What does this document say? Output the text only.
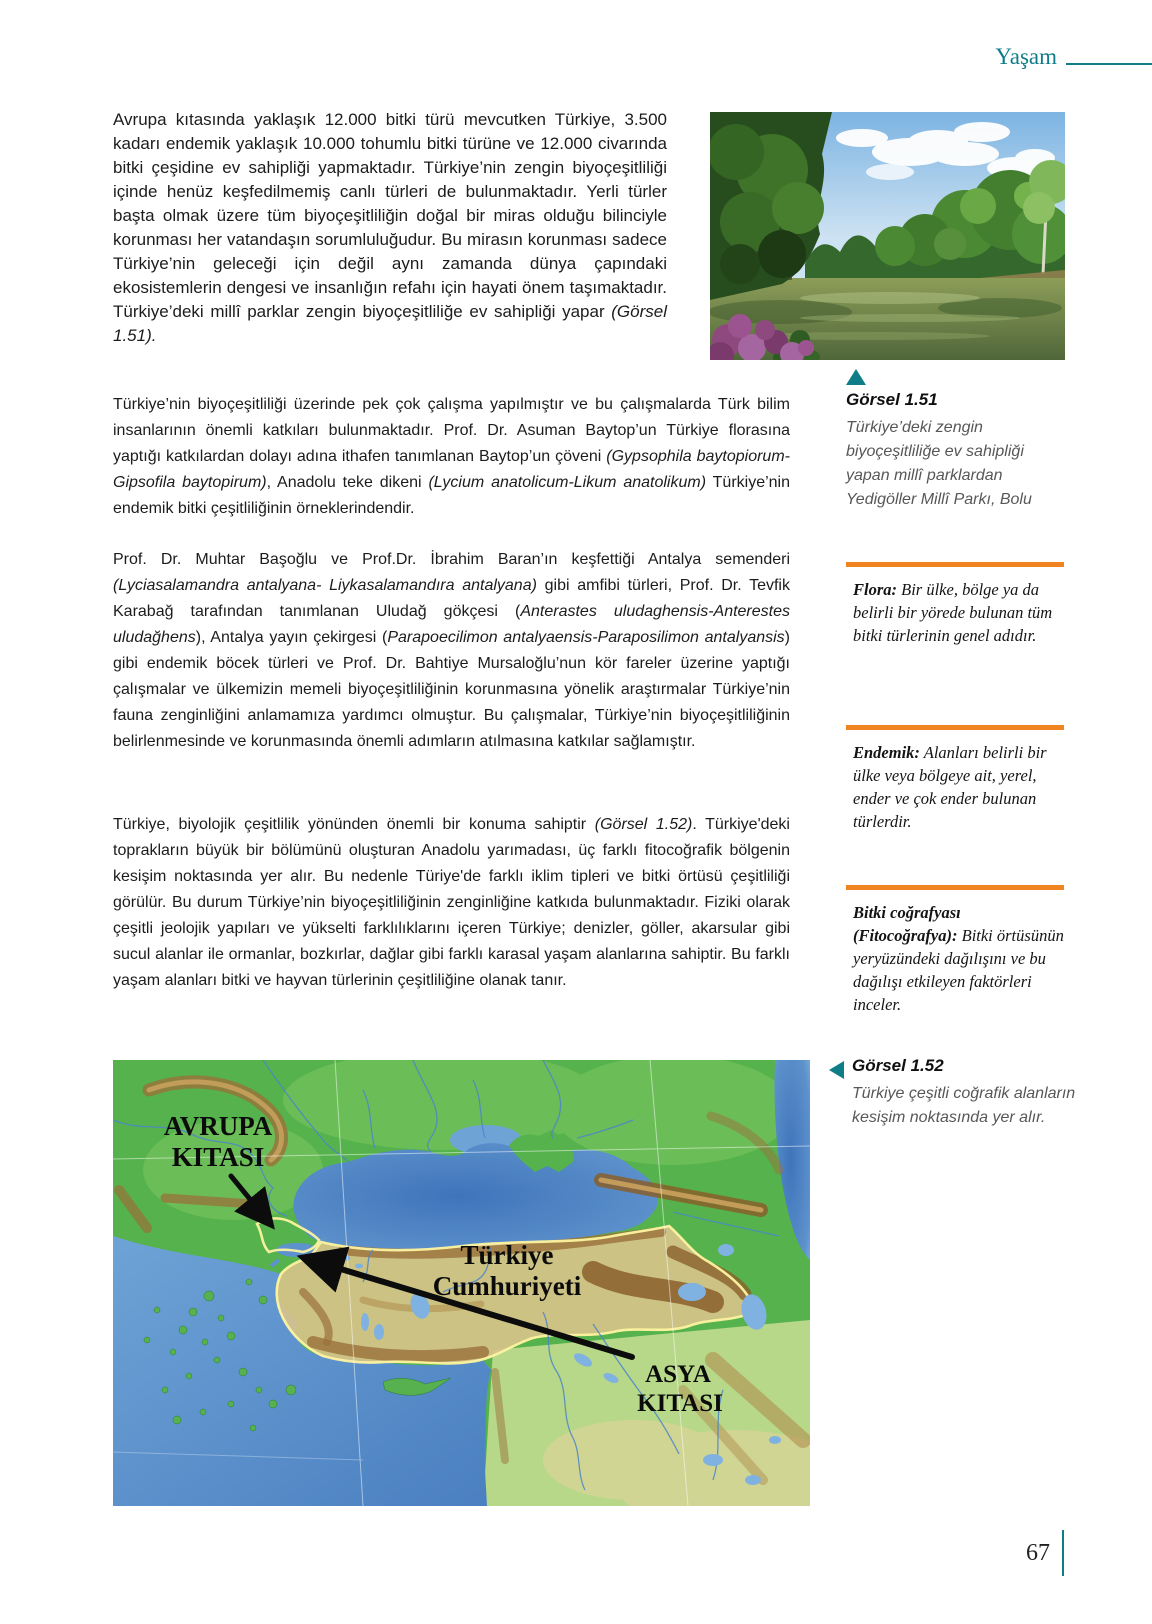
Yaşam

Avrupa kıtasında yaklaşık 12.000 bitki türü mevcutken Türkiye, 3.500 kadarı endemik yaklaşık 10.000 tohumlu bitki türüne ve 12.000 civarında bitki çeşidine ev sahipliği yapmaktadır. Türkiye’nin zengin biyoçeşitliliği içinde henüz keşfedilmemiş canlı türleri de bulunmaktadır. Yerli türler başta olmak üzere tüm biyoçeşitliliğin doğal bir miras olduğu bilinciyle korunması her vatandaşın sorumluluğudur. Bu mirasın korunması sadece Türkiye’nin geleceği için değil aynı zamanda dünya çapındaki ekosistemlerin dengesi ve insanlığın refahı için hayati önem taşımaktadır. Türkiye’deki millî parklar zengin biyoçeşitliliğe ev sahipliği yapar (Görsel 1.51).

Türkiye’nin biyoçeşitliliği üzerinde pek çok çalışma yapılmıştır ve bu çalışmalarda Türk bilim insanlarının önemli katkıları bulunmaktadır. Prof. Dr. Asuman Baytop’un Türkiye florasına yaptığı katkılardan dolayı adına ithafen tanımlanan Baytop’un çöveni (Gypsophila baytopiorum-Gipsofila baytopirum), Anadolu teke dikeni (Lycium anatolicum-Likum anatolikum) Türkiye’nin endemik bitki çeşitliliğinin örneklerindendir.

Prof. Dr. Muhtar Başoğlu ve Prof.Dr. İbrahim Baran’ın keşfettiği Antalya semenderi (Lyciasalamandra antalyana- Liykasalamandıra antalyana) gibi amfibi türleri, Prof. Dr. Tevfik Karabağ tarafından tanımlanan Uludağ gökçesi (Anterastes uludaghensis-Anterestes uludağhens), Antalya yayın çekirgesi (Parapoecilimon antalyaensis-Paraposilimon antalyansis) gibi endemik böcek türleri ve Prof. Dr. Bahtiye Mursaloğlu’nun kör fareler üzerine yaptığı çalışmalar ve ülkemizin memeli biyoçeşitliliğinin korunmasına yönelik araştırmalar Türkiye’nin fauna zenginliğini anlamamıza yardımcı olmuştur. Bu çalışmalar, Türkiye’nin biyoçeşitliliğinin belirlenmesinde ve korunmasında önemli adımların atılmasına katkılar sağlamıştır.

Türkiye, biyolojik çeşitlilik yönünden önemli bir konuma sahiptir (Görsel 1.52). Türkiye'deki toprakların büyük bir bölümünü oluşturan Anadolu yarımadası, üç farklı fitocoğrafik bölgenin kesişim noktasında yer alır. Bu nedenle Türiye'de farklı iklim tipleri ve bitki örtüsü çeşitliliği görülür. Bu durum Türkiye’nin biyoçeşitliliğinin zenginliğine katkıda bulunmaktadır. Fiziki olarak çeşitli jeolojik yapıları ve yükselti farklılıklarını içeren Türkiye; denizler, göller, akarsular gibi sucul alanlar ile ormanlar, bozkırlar, dağlar gibi farklı karasal yaşam alanlarına sahiptir. Bu farklı yaşam alanları bitki ve hayvan türlerinin çeşitliliğine olanak tanır.

Görsel 1.51
Türkiye’deki zengin biyoçeşitliliğe ev sahipliği yapan millî parklardan Yedigöller Millî Parkı, Bolu
Flora: Bir ülke, bölge ya da belirli bir yörede bulunan tüm bitki türlerinin genel adıdır.
Endemik: Alanları belirli bir ülke veya bölgeye ait, yerel, ender ve çok ender bulunan türlerdir.
Bitki coğrafyası (Fitocoğrafya): Bitki örtüsünün yeryüzündeki dağılışını ve bu dağılışı etkileyen faktörleri inceler.
Görsel 1.52
Türkiye çeşitli coğrafik alanların kesişim noktasında yer alır.
AVRUPA
KITASI
Türkiye
Cumhuriyeti
ASYA
KITASI
67
